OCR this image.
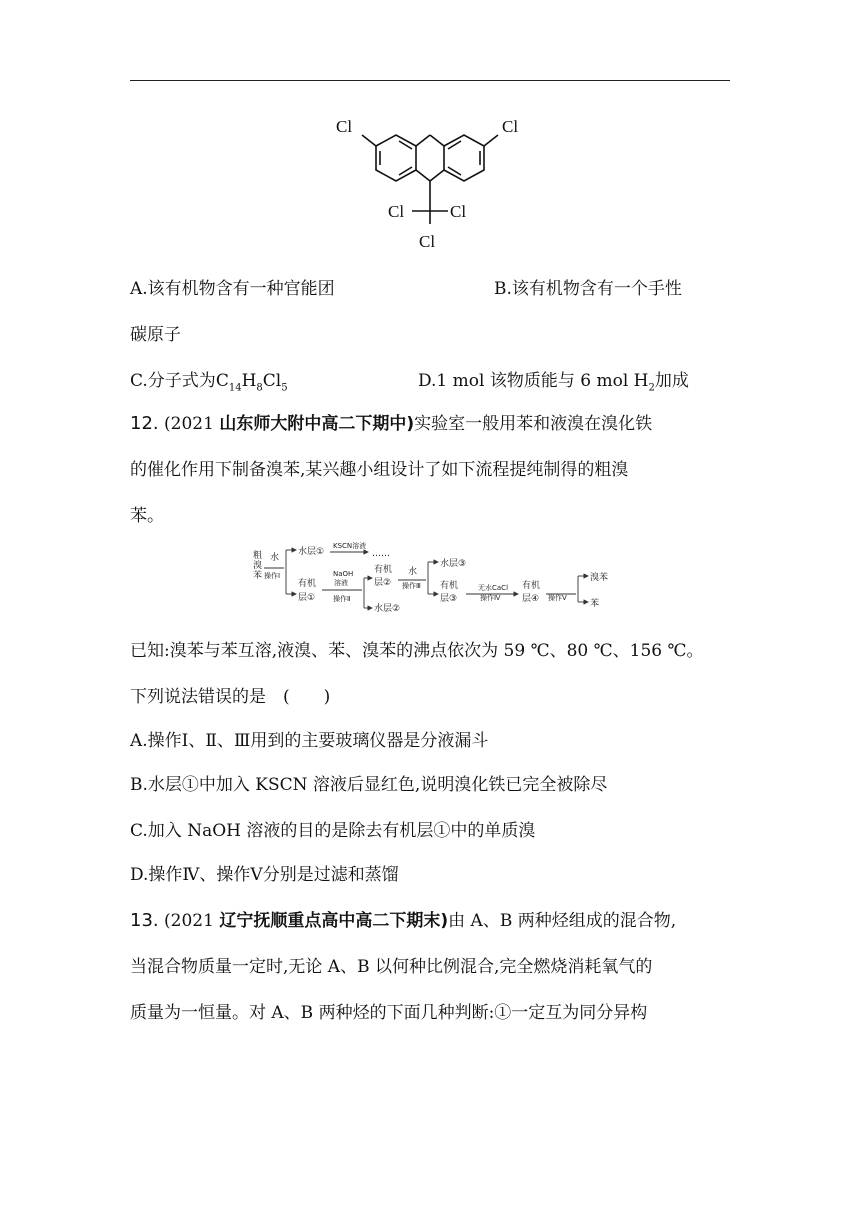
Cl	Cl
Cl	Cl
Cl
A.该有机物含有一种官能团	B.该有机物含有一个手性
碳原子
C.分子式为$C_{14}H_8Cl_5$	D.1 mol 该物质能与 6 mol $H_2$加成
12. (2021 山东师大附中高二下期中)实验室一般用苯和液溴在溴化铁
的催化作用下制备溴苯,某兴趣小组设计了如下流程提纯制得的粗溴
苯。
粗
溴
苯 操作Ⅰ
水
水层①
KSCN溶液
……
有机
层①
NaOH
溶液
操作Ⅱ
水层②
有机
层②
水
操作Ⅲ
水层③
有机
层③
无水CaCl
操作Ⅳ
有机
层④ 操作Ⅴ
溴苯
苯
已知:溴苯与苯互溶,液溴、苯、溴苯的沸点依次为 59 ℃、80 ℃、156 ℃。
下列说法错误的是　(　　)
A.操作Ⅰ、Ⅱ、Ⅲ用到的主要玻璃仪器是分液漏斗
B.水层①中加入 KSCN 溶液后显红色,说明溴化铁已完全被除尽
C.加入 NaOH 溶液的目的是除去有机层①中的单质溴
D.操作Ⅳ、操作Ⅴ分别是过滤和蒸馏
13. (2021 辽宁抚顺重点高中高二下期末)由 A、B 两种烃组成的混合物,
当混合物质量一定时,无论 A、B 以何种比例混合,完全燃烧消耗氧气的
质量为一恒量。对 A、B 两种烃的下面几种判断:①一定互为同分异构
